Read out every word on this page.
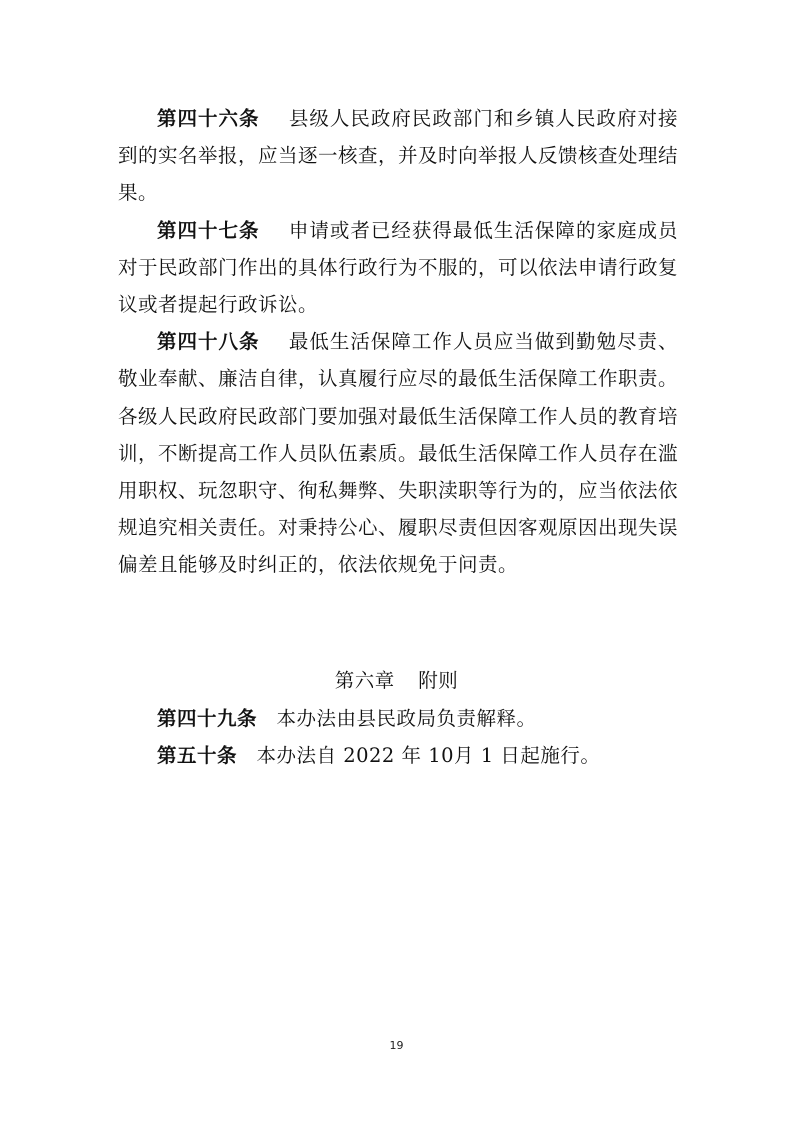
第四十六条 县级人民政府民政部门和乡镇人民政府对接到的实名举报，应当逐一核查，并及时向举报人反馈核查处理结果。

第四十七条 申请或者已经获得最低生活保障的家庭成员对于民政部门作出的具体行政行为不服的，可以依法申请行政复议或者提起行政诉讼。

第四十八条 最低生活保障工作人员应当做到勤勉尽责、敬业奉献、廉洁自律，认真履行应尽的最低生活保障工作职责。各级人民政府民政部门要加强对最低生活保障工作人员的教育培训，不断提高工作人员队伍素质。最低生活保障工作人员存在滥用职权、玩忽职守、徇私舞弊、失职渎职等行为的，应当依法依规追究相关责任。对秉持公心、履职尽责但因客观原因出现失误偏差且能够及时纠正的，依法依规免于问责。

第六章 附则

第四十九条 本办法由县民政局负责解释。

第五十条 本办法自 2022 年 10月 1 日起施行。

19
